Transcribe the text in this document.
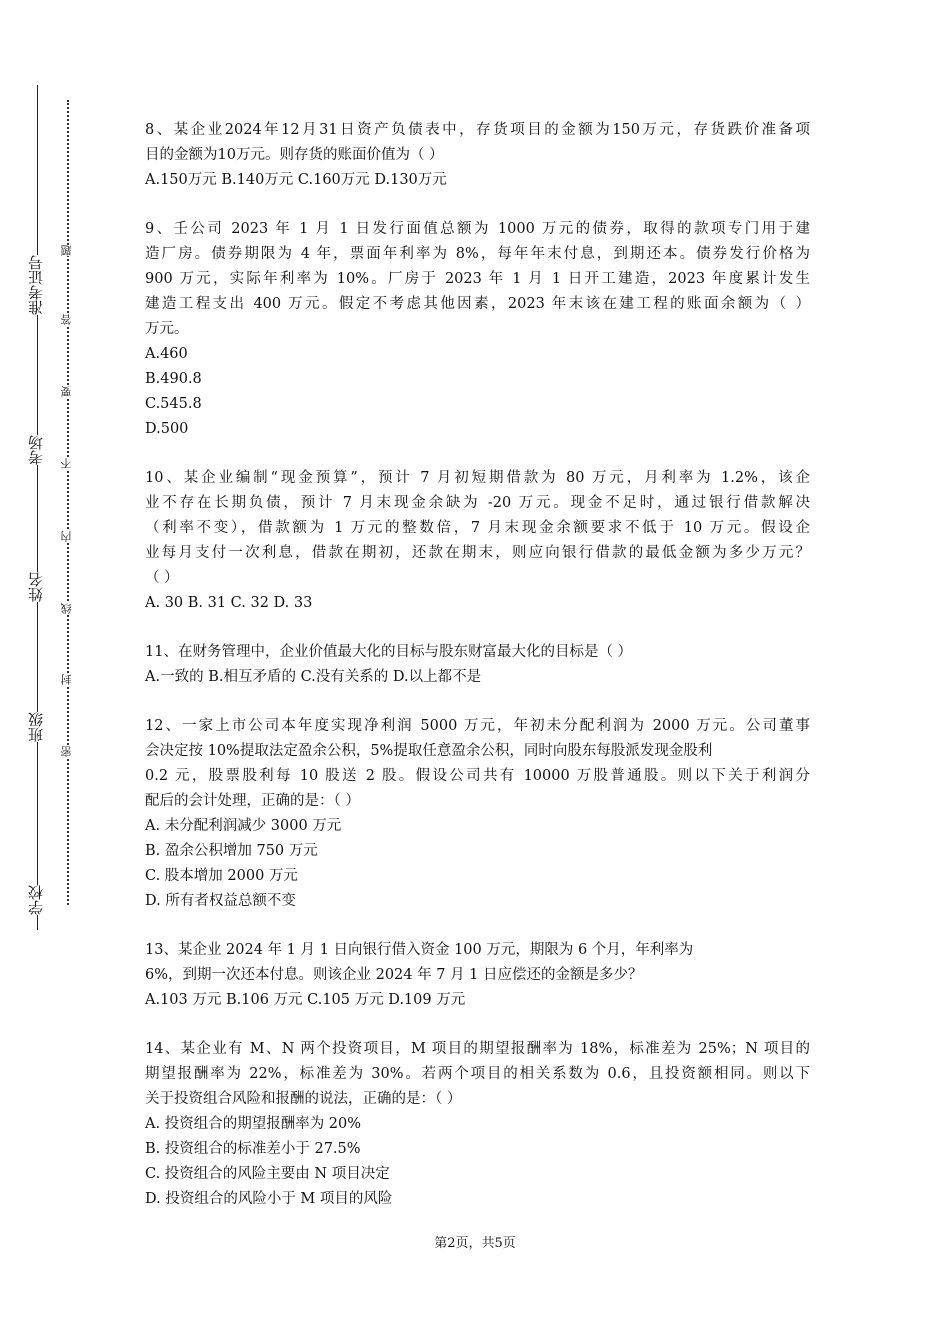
准考证号
考场
姓名
班级
学校
题
答
要
不
内
线
封
密
8、某企业2024年12月31日资产负债表中，存货项目的金额为150万元，存货跌价准备项
目的金额为10万元。则存货的账面价值为（ ）
A.150万元 B.140万元 C.160万元 D.130万元
9、壬公司 2023 年 1 月 1 日发行面值总额为 1000 万元的债券，取得的款项专门用于建
造厂房。债券期限为 4 年，票面年利率为 8%，每年年末付息，到期还本。债券发行价格为
900 万元，实际年利率为 10%。厂房于 2023 年 1 月 1 日开工建造，2023 年度累计发生
建造工程支出 400 万元。假定不考虑其他因素，2023 年末该在建工程的账面余额为（ ）
万元。
A.460
B.490.8
C.545.8
D.500
10、某企业编制“现金预算”，预计 7 月初短期借款为 80 万元，月利率为 1.2%，该企
业不存在长期负债，预计 7 月末现金余缺为 -20 万元。现金不足时，通过银行借款解决
（利率不变），借款额为 1 万元的整数倍，7 月末现金余额要求不低于 10 万元。假设企
业每月支付一次利息，借款在期初，还款在期末，则应向银行借款的最低金额为多少万元？
（ ）
A. 30 B. 31 C. 32 D. 33
11、在财务管理中，企业价值最大化的目标与股东财富最大化的目标是（ ）
A.一致的 B.相互矛盾的 C.没有关系的 D.以上都不是
12、一家上市公司本年度实现净利润 5000 万元，年初未分配利润为 2000 万元。公司董事
会决定按 10%提取法定盈余公积，5%提取任意盈余公积，同时向股东每股派发现金股利
0.2 元，股票股利每 10 股送 2 股。假设公司共有 10000 万股普通股。则以下关于利润分
配后的会计处理，正确的是：（ ）
A. 未分配利润减少 3000 万元
B. 盈余公积增加 750 万元
C. 股本增加 2000 万元
D. 所有者权益总额不变
13、某企业 2024 年 1 月 1 日向银行借入资金 100 万元，期限为 6 个月，年利率为
6%，到期一次还本付息。则该企业 2024 年 7 月 1 日应偿还的金额是多少？
A.103 万元 B.106 万元 C.105 万元 D.109 万元
14、某企业有 M、N 两个投资项目，M 项目的期望报酬率为 18%，标准差为 25%；N 项目的
期望报酬率为 22%，标准差为 30%。若两个项目的相关系数为 0.6，且投资额相同。则以下
关于投资组合风险和报酬的说法，正确的是：（ ）
A. 投资组合的期望报酬率为 20%
B. 投资组合的标准差小于 27.5%
C. 投资组合的风险主要由 N 项目决定
D. 投资组合的风险小于 M 项目的风险
第2页，共5页
